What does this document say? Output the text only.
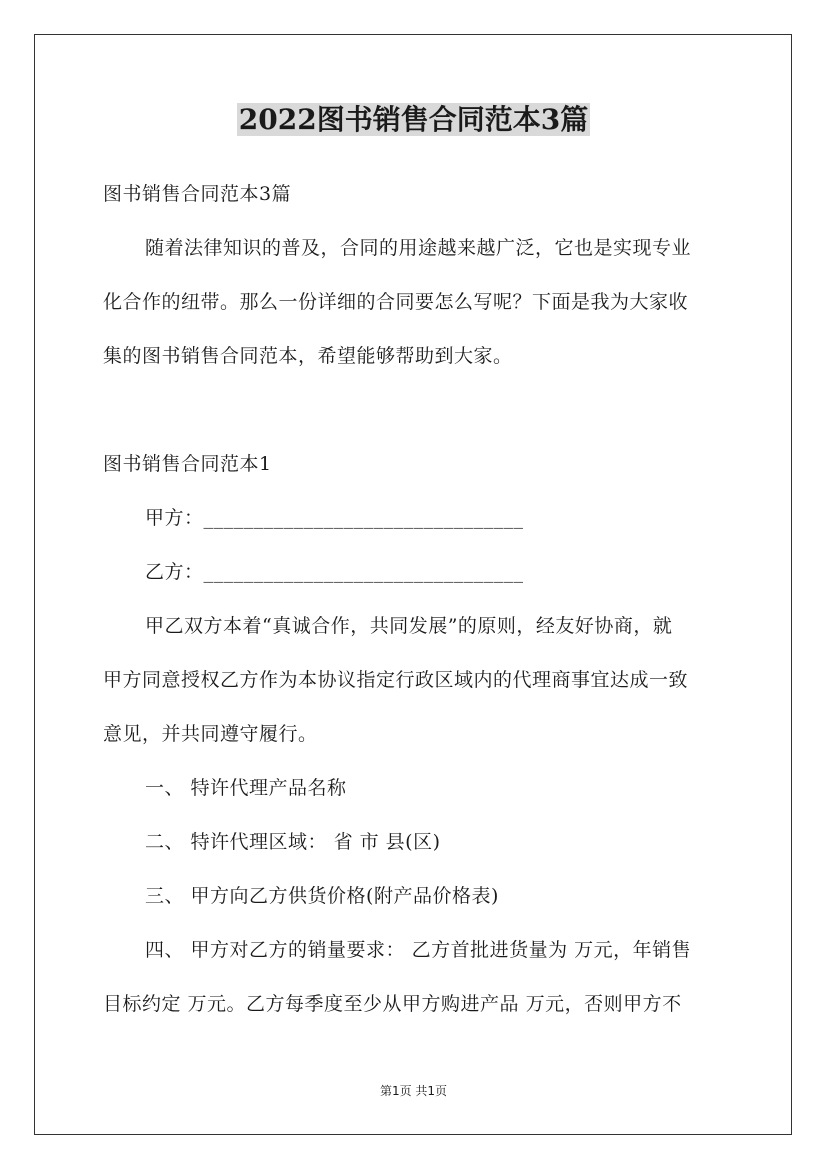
2022图书销售合同范本3篇
图书销售合同范本3篇
随着法律知识的普及，合同的用途越来越广泛，它也是实现专业
化合作的纽带。那么一份详细的合同要怎么写呢？下面是我为大家收
集的图书销售合同范本，希望能够帮助到大家。
图书销售合同范本1
甲方：________________________________
乙方：________________________________
甲乙双方本着“真诚合作，共同发展”的原则，经友好协商，就
甲方同意授权乙方作为本协议指定行政区域内的代理商事宜达成一致
意见，并共同遵守履行。
一、 特许代理产品名称
二、 特许代理区域： 省 市 县(区)
三、 甲方向乙方供货价格(附产品价格表)
四、 甲方对乙方的销量要求： 乙方首批进货量为 万元，年销售
目标约定 万元。乙方每季度至少从甲方购进产品 万元，否则甲方不
第1页 共1页
